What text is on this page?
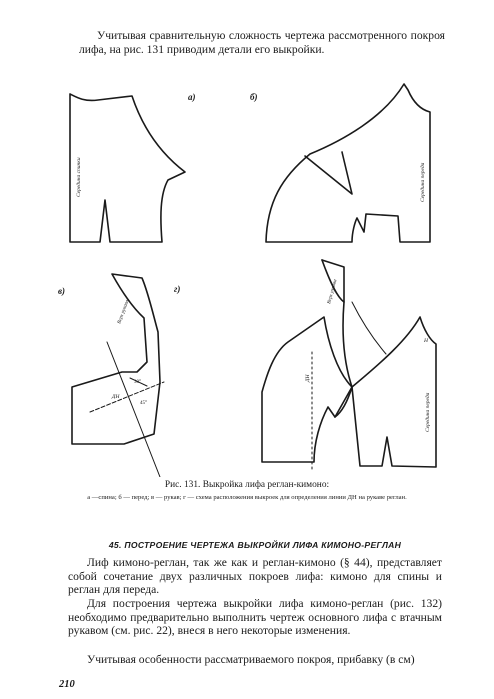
Учитывая сравнительную сложность чертежа рассмотренного покроя лифа, на рис. 131 приводим детали его выкройки.
Середина спинки
а)
Середина переда
б)
Верх рукава
30°
45°
ДН
в)	Верх рукава
Середина переда
Н
ДН
г)
Рис. 131. Выкройка лифа реглан-кимоно:
а —спина; б — перед; в — рукав; г — схема расположения выкроек для определения линии ДН на рукаве реглан.
45. ПОСТРОЕНИЕ ЧЕРТЕЖА ВЫКРОЙКИ ЛИФА КИМОНО-РЕГЛАН
Лиф кимоно-реглан, так же как и реглан-кимоно (§ 44), представляет собой сочетание двух различных покроев лифа: кимоно для спины и реглан для переда.
Для построения чертежа выкройки лифа кимоно-реглан (рис. 132) необходимо предварительно выполнить чертеж основного лифа с втачным рукавом (см. рис. 22), внеся в него некоторые изменения.
Учитывая особенности рассматриваемого покроя, прибавку (в см)
210
